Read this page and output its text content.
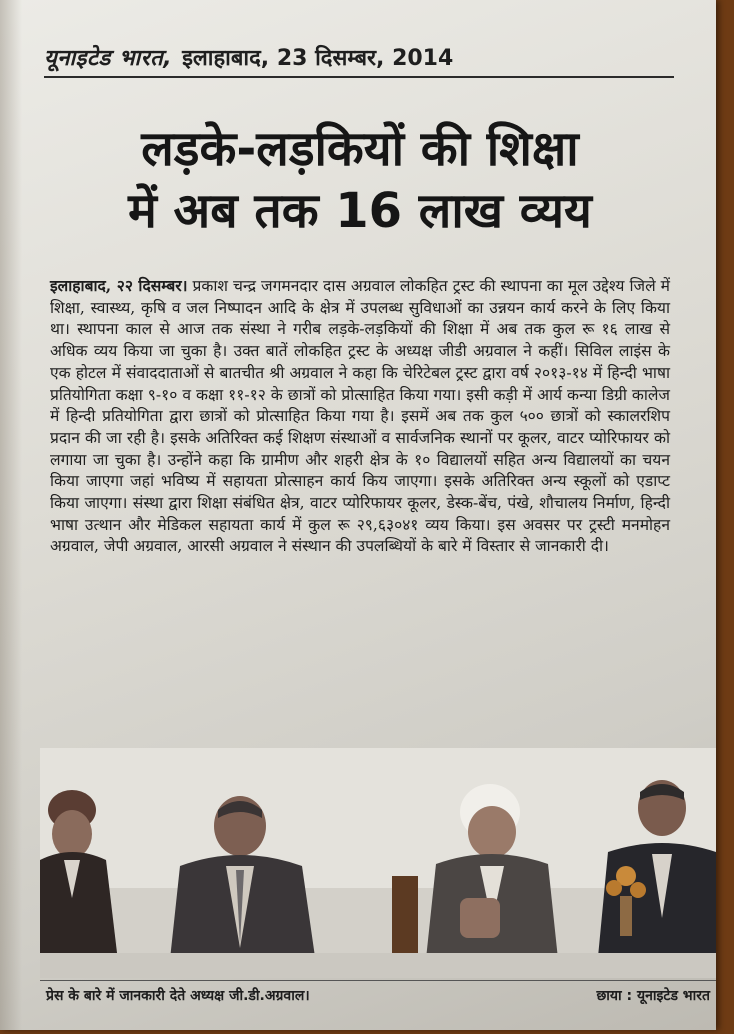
यूनाइटेड भारत, इलाहाबाद, 23 दिसम्बर, 2014
लड़के-लड़कियों की शिक्षा
में अब तक 16 लाख व्यय
इलाहाबाद, २२ दिसम्बर। प्रकाश चन्द्र जगमनदार दास अग्रवाल लोकहित ट्रस्ट की स्थापना का मूल उद्देश्य जिले में शिक्षा, स्वास्थ्य, कृषि व जल निष्पादन आदि के क्षेत्र में उपलब्ध सुविधाओं का उन्नयन कार्य करने के लिए किया था। स्थापना काल से आज तक संस्था ने गरीब लड़के-लड़कियों की शिक्षा में अब तक कुल रू १६ लाख से अधिक व्यय किया जा चुका है। उक्त बातें लोकहित ट्रस्ट के अध्यक्ष जीडी अग्रवाल ने कहीं। सिविल लाइंस के एक होटल में संवाददाताओं से बातचीत श्री अग्रवाल ने कहा कि चेरिटेबल ट्रस्ट द्वारा वर्ष २०१३-१४ में हिन्दी भाषा प्रतियोगिता कक्षा ९-१० व कक्षा ११-१२ के छात्रों को प्रोत्साहित किया गया। इसी कड़ी में आर्य कन्या डिग्री कालेज में हिन्दी प्रतियोगिता द्वारा छात्रों को प्रोत्साहित किया गया है। इसमें अब तक कुल ५०० छात्रों को स्कालरशिप प्रदान की जा रही है। इसके अतिरिक्त कई शिक्षण संस्थाओं व सार्वजनिक स्थानों पर कूलर, वाटर प्योरिफायर को लगाया जा चुका है। उन्होंने कहा कि ग्रामीण और शहरी क्षेत्र के १० विद्यालयों सहित अन्य विद्यालयों का चयन किया जाएगा जहां भविष्य में सहायता प्रोत्साहन कार्य किय जाएगा। इसके अतिरिक्त अन्य स्कूलों को एडाप्ट किया जाएगा। संस्था द्वारा शिक्षा संबंधित क्षेत्र, वाटर प्योरिफायर कूलर, डेस्क-बेंच, पंखे, शौचालय निर्माण, हिन्दी भाषा उत्थान और मेडिकल सहायता कार्य में कुल रू २९,६३०४१ व्यय किया। इस अवसर पर ट्रस्टी मनमोहन अग्रवाल, जेपी अग्रवाल, आरसी अग्रवाल ने संस्थान की उपलब्धियों के बारे में विस्तार से जानकारी दी।
प्रेस के बारे में जानकारी देते अध्यक्ष जी.डी.अग्रवाल।	छाया : यूनाइटेड भारत
